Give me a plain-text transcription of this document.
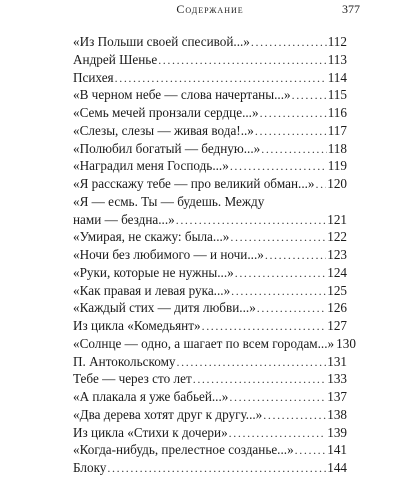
Содержание	377
«Из Польши своей спесивой...» .....	112
Андрей Шенье .....	113
Психея .....	114
«В черном небе — слова начертаны...» .....	115
«Семь мечей пронзали сердце...» .....	116
«Слезы, слезы — живая вода!..» .....	117
«Полюбил богатый — бедную...» .....	118
«Наградил меня Господь...» .....	119
«Я расскажу тебе — про великий обман...» ..... 120
«Я — есмь. Ты — будешь. Между
нами — бездна...» .....	121
«Умирая, не скажу: была...» .....	122
«Ночи без любимого — и ночи...» .....	123
«Руки, которые не нужны...» .....	124
«Как правая и левая рука...» .....	125
«Каждый стих — дитя любви...» .....	126
Из цикла «Комедьянт» .....	127
«Солнце — одно, а шагает по всем городам...» 130
П. Антокольскому .....	131
Тебе — через сто лет .....	133
«А плакала я уже бабьей...» .....	137
«Два дерева хотят друг к другу...» .....	138
Из цикла «Стихи к дочери» .....	139
«Когда-нибудь, прелестное созданье...» .....	141
Блоку .....	144
